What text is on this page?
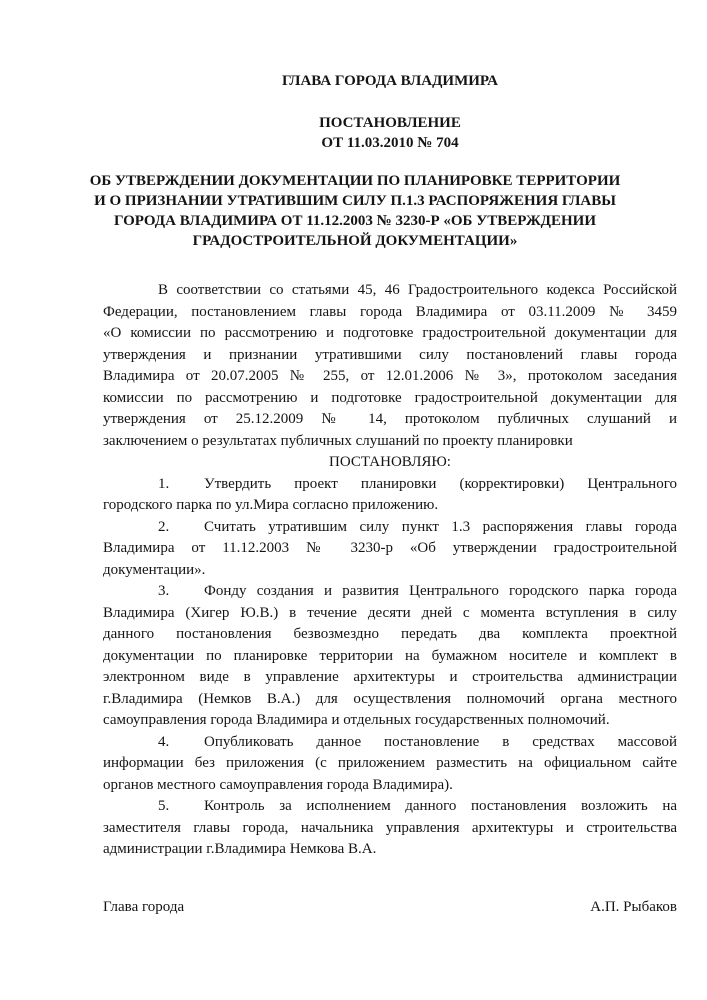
ГЛАВА ГОРОДА ВЛАДИМИРА
ПОСТАНОВЛЕНИЕ
ОТ 11.03.2010 № 704
ОБ УТВЕРЖДЕНИИ ДОКУМЕНТАЦИИ ПО ПЛАНИРОВКЕ ТЕРРИТОРИИ
И О ПРИЗНАНИИ УТРАТИВШИМ СИЛУ П.1.3 РАСПОРЯЖЕНИЯ ГЛАВЫ
ГОРОДА ВЛАДИМИРА ОТ 11.12.2003 № 3230-Р «ОБ УТВЕРЖДЕНИИ
ГРАДОСТРОИТЕЛЬНОЙ ДОКУМЕНТАЦИИ»
В соответствии со статьями 45, 46 Градостроительного кодекса Российской
Федерации, постановлением главы города Владимира от 03.11.2009 № 3459
«О комиссии по рассмотрению и подготовке градостроительной документации для
утверждения и признании утратившими силу постановлений главы города
Владимира от 20.07.2005 № 255, от 12.01.2006 № 3», протоколом заседания
комиссии по рассмотрению и подготовке градостроительной документации для
утверждения от 25.12.2009 № 14, протоколом публичных слушаний и
заключением о результатах публичных слушаний по проекту планировки
ПОСТАНОВЛЯЮ:
1. Утвердить проект планировки (корректировки) Центрального
городского парка по ул.Мира согласно приложению.
2. Считать утратившим силу пункт 1.3 распоряжения главы города
Владимира от 11.12.2003 № 3230-р «Об утверждении градостроительной
документации».
3. Фонду создания и развития Центрального городского парка города
Владимира (Хигер Ю.В.) в течение десяти дней с момента вступления в силу
данного постановления безвозмездно передать два комплекта проектной
документации по планировке территории на бумажном носителе и комплект в
электронном виде в управление архитектуры и строительства администрации
г.Владимира (Немков В.А.) для осуществления полномочий органа местного
самоуправления города Владимира и отдельных государственных полномочий.
4. Опубликовать данное постановление в средствах массовой
информации без приложения (с приложением разместить на официальном сайте
органов местного самоуправления города Владимира).
5. Контроль за исполнением данного постановления возложить на
заместителя главы города, начальника управления архитектуры и строительства
администрации г.Владимира Немкова В.А.
Глава города	А.П. Рыбаков
